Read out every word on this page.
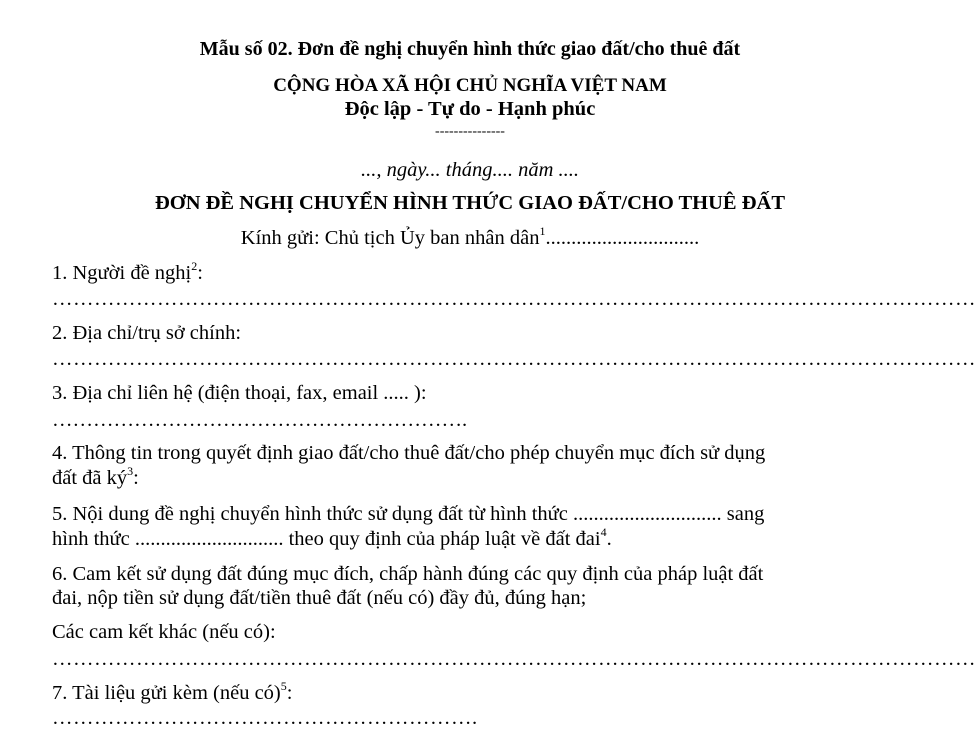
Mẫu số 02. Đơn đề nghị chuyển hình thức giao đất/cho thuê đất
CỘNG HÒA XÃ HỘI CHỦ NGHĨA VIỆT NAM
Độc lập - Tự do - Hạnh phúc
---------------
..., ngày... tháng.... năm ....
ĐƠN ĐỀ NGHỊ CHUYỂN HÌNH THỨC GIAO ĐẤT/CHO THUÊ ĐẤT
Kính gửi: Chủ tịch Ủy ban nhân dân$^1$..............................
1. Người đề nghị$^2$:
……………………………………………………………………………………………………………………
2. Địa chỉ/trụ sở chính:
……………………………………………………………………………………………………………………
3. Địa chỉ liên hệ (điện thoại, fax, email ..... ):
…………………………………………………….
4. Thông tin trong quyết định giao đất/cho thuê đất/cho phép chuyển mục đích sử dụng
đất đã $ký^3$:
5. Nội dung đề nghị chuyển hình thức sử dụng đất từ hình thức ............................. sang
hình thức ............................. theo quy định của pháp luật về đất đai$^4$.
6. Cam kết sử dụng đất đúng mục đích, chấp hành đúng các quy định của pháp luật đất
đai, nộp tiền sử dụng đất/tiền thuê đất (nếu có) đầy đủ, đúng hạn;
Các cam kết khác (nếu có):
……………………………………………………………………………………………………………………
7. Tài liệu gửi kèm (nếu có)$^5$:
…………………………………………………….
